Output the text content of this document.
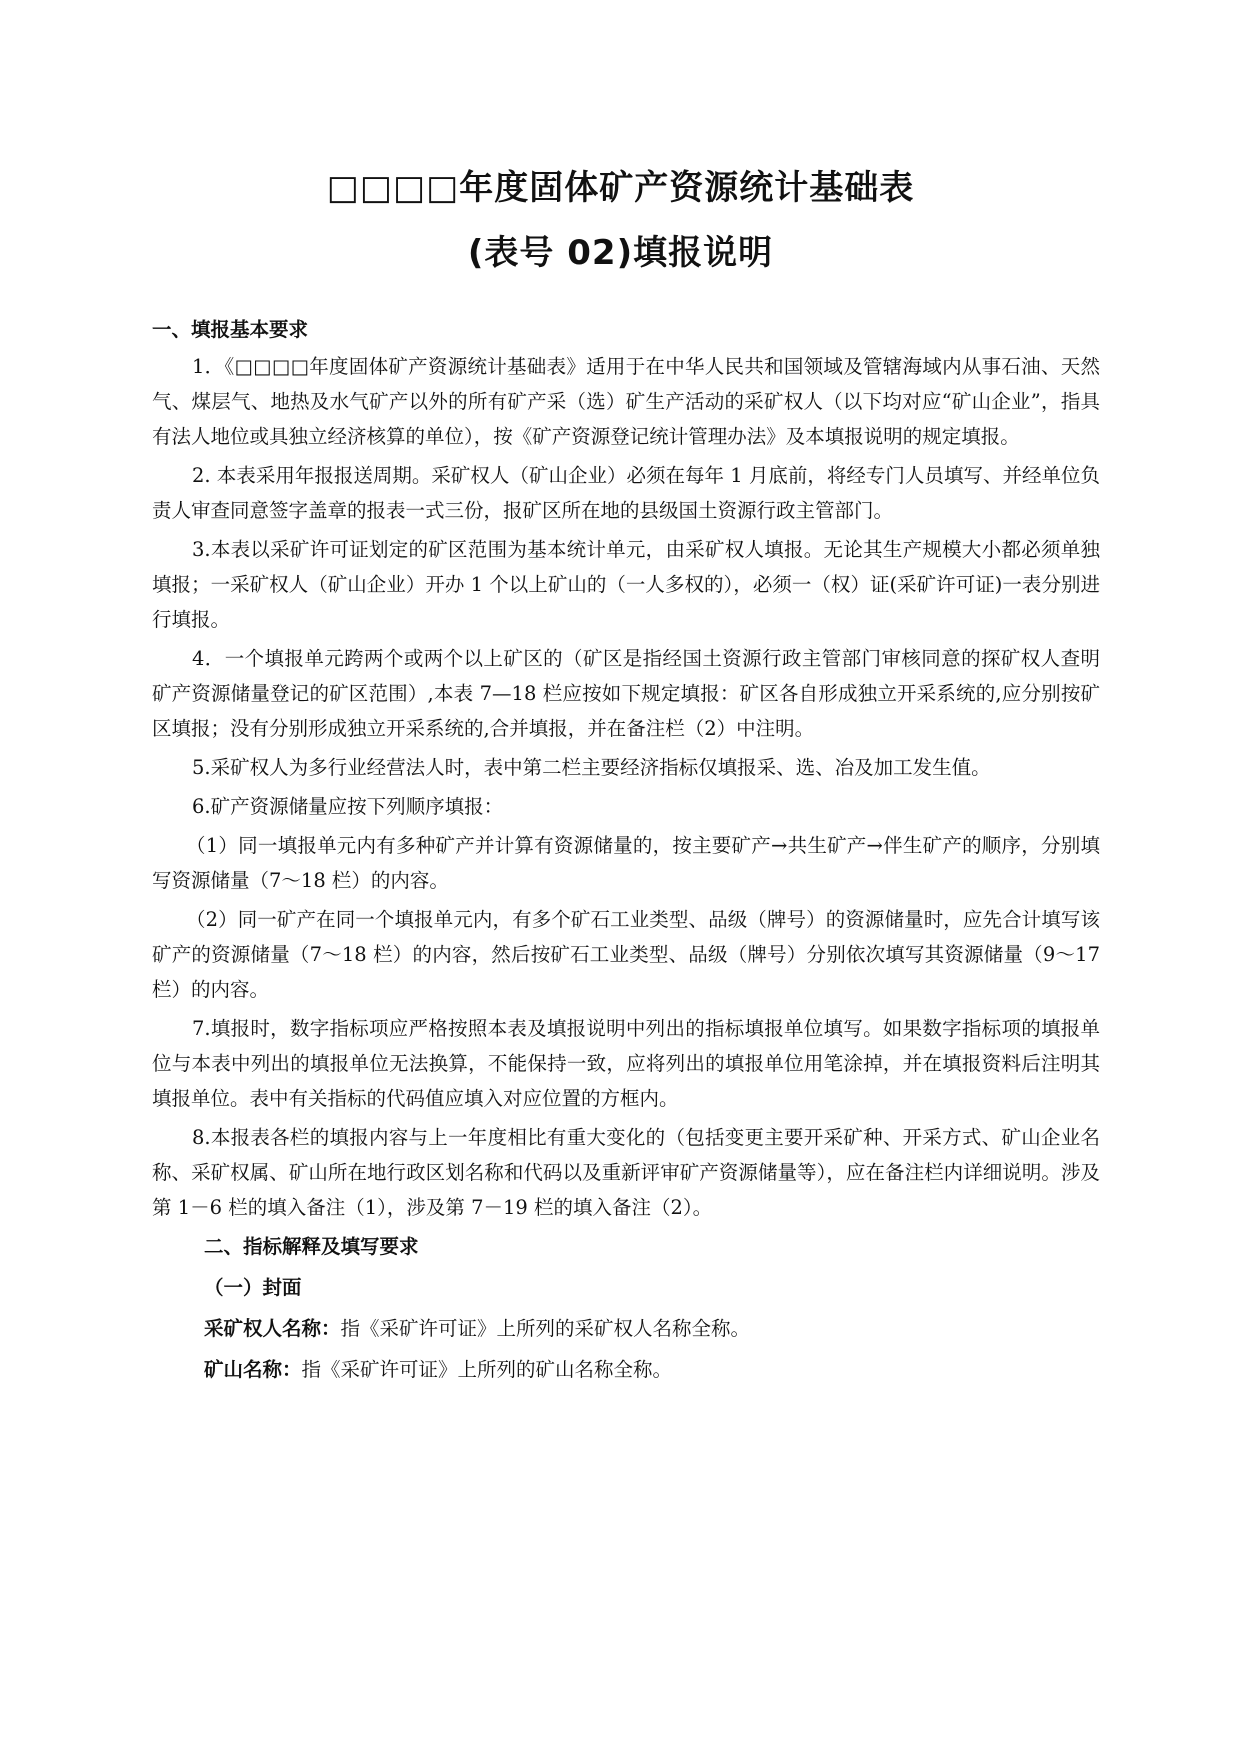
□□□□年度固体矿产资源统计基础表
(表号 02)填报说明
一、填报基本要求
1．《□□□□年度固体矿产资源统计基础表》适用于在中华人民共和国领域及管辖海域内从事石油、天然气、煤层气、地热及水气矿产以外的所有矿产采（选）矿生产活动的采矿权人（以下均对应“矿山企业”，指具有法人地位或具独立经济核算的单位），按《矿产资源登记统计管理办法》及本填报说明的规定填报。
2. 本表采用年报报送周期。采矿权人（矿山企业）必须在每年 1 月底前，将经专门人员填写、并经单位负责人审查同意签字盖章的报表一式三份，报矿区所在地的县级国土资源行政主管部门。
3.本表以采矿许可证划定的矿区范围为基本统计单元，由采矿权人填报。无论其生产规模大小都必须单独填报；一采矿权人（矿山企业）开办 1 个以上矿山的（一人多权的），必须一（权）证(采矿许可证)一表分别进行填报。
4．一个填报单元跨两个或两个以上矿区的（矿区是指经国土资源行政主管部门审核同意的探矿权人查明矿产资源储量登记的矿区范围）,本表 7—18 栏应按如下规定填报：矿区各自形成独立开采系统的,应分别按矿区填报；没有分别形成独立开采系统的,合并填报，并在备注栏（2）中注明。
5.采矿权人为多行业经营法人时，表中第二栏主要经济指标仅填报采、选、冶及加工发生值。
6.矿产资源储量应按下列顺序填报：
（1）同一填报单元内有多种矿产并计算有资源储量的，按主要矿产→共生矿产→伴生矿产的顺序，分别填写资源储量（7～18 栏）的内容。
（2）同一矿产在同一个填报单元内，有多个矿石工业类型、品级（牌号）的资源储量时，应先合计填写该矿产的资源储量（7～18 栏）的内容，然后按矿石工业类型、品级（牌号）分别依次填写其资源储量（9～17 栏）的内容。
7.填报时，数字指标项应严格按照本表及填报说明中列出的指标填报单位填写。如果数字指标项的填报单位与本表中列出的填报单位无法换算，不能保持一致，应将列出的填报单位用笔涂掉，并在填报资料后注明其填报单位。表中有关指标的代码值应填入对应位置的方框内。
8.本报表各栏的填报内容与上一年度相比有重大变化的（包括变更主要开采矿种、开采方式、矿山企业名称、采矿权属、矿山所在地行政区划名称和代码以及重新评审矿产资源储量等），应在备注栏内详细说明。涉及第 1－6 栏的填入备注（1），涉及第 7－19 栏的填入备注（2）。
二、指标解释及填写要求
（一）封面
采矿权人名称：指《采矿许可证》上所列的采矿权人名称全称。
矿山名称：指《采矿许可证》上所列的矿山名称全称。
